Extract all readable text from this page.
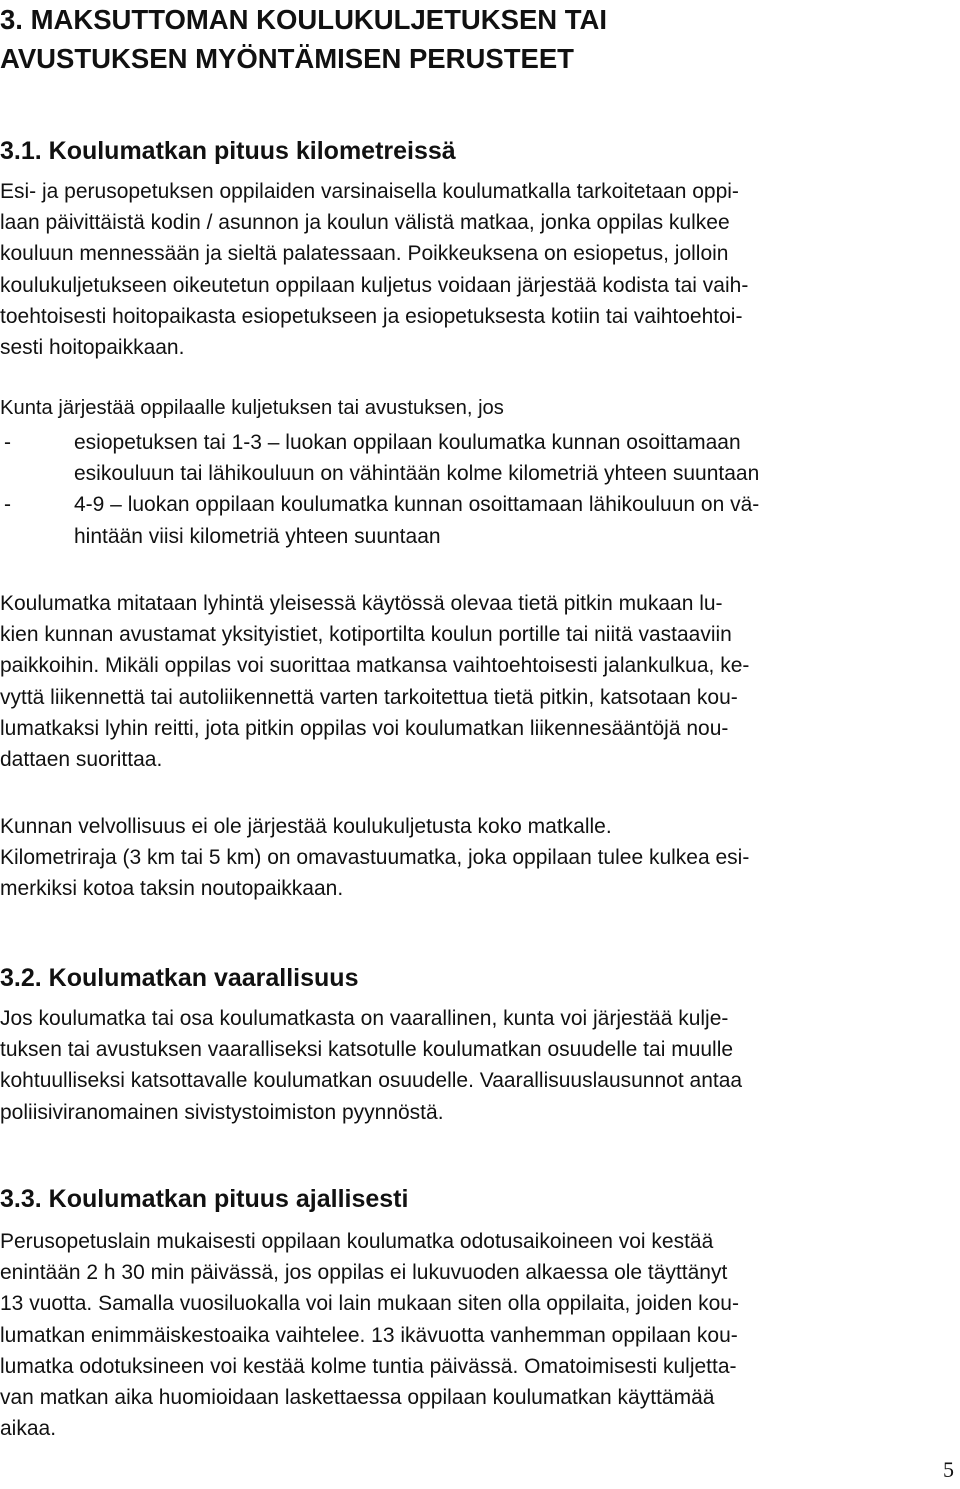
3. MAKSUTTOMAN KOULUKULJETUKSEN TAI
AVUSTUKSEN MYÖNTÄMISEN PERUSTEET
3.1. Koulumatkan pituus kilometreissä

Esi- ja perusopetuksen oppilaiden varsinaisella koulumatkalla tarkoitetaan oppi-
laan päivittäistä kodin / asunnon ja koulun välistä matkaa, jonka oppilas kulkee
kouluun mennessään ja sieltä palatessaan. Poikkeuksena on esiopetus, jolloin
koulukuljetukseen oikeutetun oppilaan kuljetus voidaan järjestää kodista tai vaih-
toehtoisesti hoitopaikasta esiopetukseen ja esiopetuksesta kotiin tai vaihtoehtoi-
sesti hoitopaikkaan.

Kunta järjestää oppilaalle kuljetuksen tai avustuksen, jos

-	esiopetuksen tai 1-3 – luokan oppilaan koulumatka kunnan osoittamaan
esikouluun tai lähikouluun on vähintään kolme kilometriä yhteen suuntaan
-	4-9 – luokan oppilaan koulumatka kunnan osoittamaan lähikouluun on vä-
hintään viisi kilometriä yhteen suuntaan

Koulumatka mitataan lyhintä yleisessä käytössä olevaa tietä pitkin mukaan lu-
kien kunnan avustamat yksityistiet, kotiportilta koulun portille tai niitä vastaaviin
paikkoihin. Mikäli oppilas voi suorittaa matkansa vaihtoehtoisesti jalankulkua, ke-
vyttä liikennettä tai autoliikennettä varten tarkoitettua tietä pitkin, katsotaan kou-
lumatkaksi lyhin reitti, jota pitkin oppilas voi koulumatkan liikennesääntöjä nou-
dattaen suorittaa.

Kunnan velvollisuus ei ole järjestää koulukuljetusta koko matkalle.
Kilometriraja (3 km tai 5 km) on omavastuumatka, joka oppilaan tulee kulkea esi-
merkiksi kotoa taksin noutopaikkaan.

3.2. Koulumatkan vaarallisuus

Jos koulumatka tai osa koulumatkasta on vaarallinen, kunta voi järjestää kulje-
tuksen tai avustuksen vaaralliseksi katsotulle koulumatkan osuudelle tai muulle
kohtuulliseksi katsottavalle koulumatkan osuudelle. Vaarallisuuslausunnot antaa
poliisiviranomainen sivistystoimiston pyynnöstä.

3.3. Koulumatkan pituus ajallisesti

Perusopetuslain mukaisesti oppilaan koulumatka odotusaikoineen voi kestää
enintään 2 h 30 min päivässä, jos oppilas ei lukuvuoden alkaessa ole täyttänyt
13 vuotta. Samalla vuosiluokalla voi lain mukaan siten olla oppilaita, joiden kou-
lumatkan enimmäiskestoaika vaihtelee. 13 ikävuotta vanhemman oppilaan kou-
lumatka odotuksineen voi kestää kolme tuntia päivässä. Omatoimisesti kuljetta-
van matkan aika huomioidaan laskettaessa oppilaan koulumatkan käyttämää
aikaa.

5
